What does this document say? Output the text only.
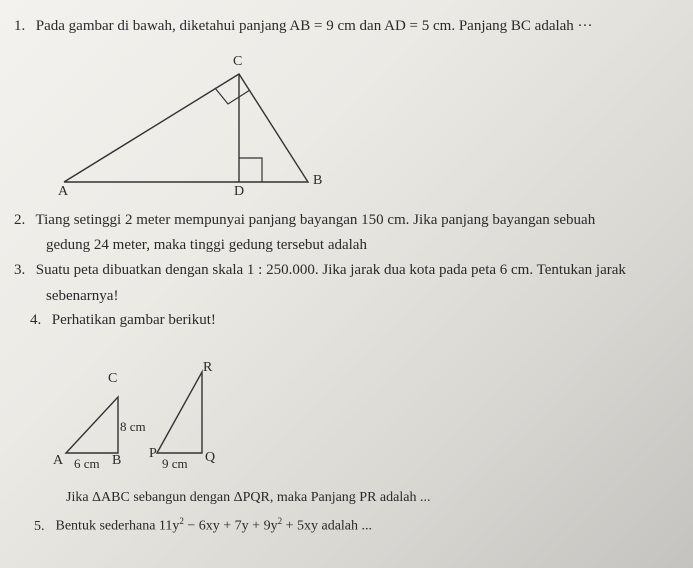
1. Pada gambar di bawah, diketahui panjang AB = 9 cm dan AD = 5 cm. Panjang BC adalah ···
C
A	D
B
2. Tiang setinggi 2 meter mempunyai panjang bayangan 150 cm. Jika panjang bayangan sebuah
gedung 24 meter, maka tinggi gedung tersebut adalah
3. Suatu peta dibuatkan dengan skala 1 : 250.000. Jika jarak dua kota pada peta 6 cm. Tentukan jarak
sebenarnya!
4. Perhatikan gambar berikut!
C
8 cm
A 6 cm B P
9 cm Q
R
Jika ΔABC sebangun dengan ΔPQR, maka Panjang PR adalah ...
5. Bentuk sederhana $11y^2 - 6xy + 7y + 9y^2 + 5xy$ adalah ...
